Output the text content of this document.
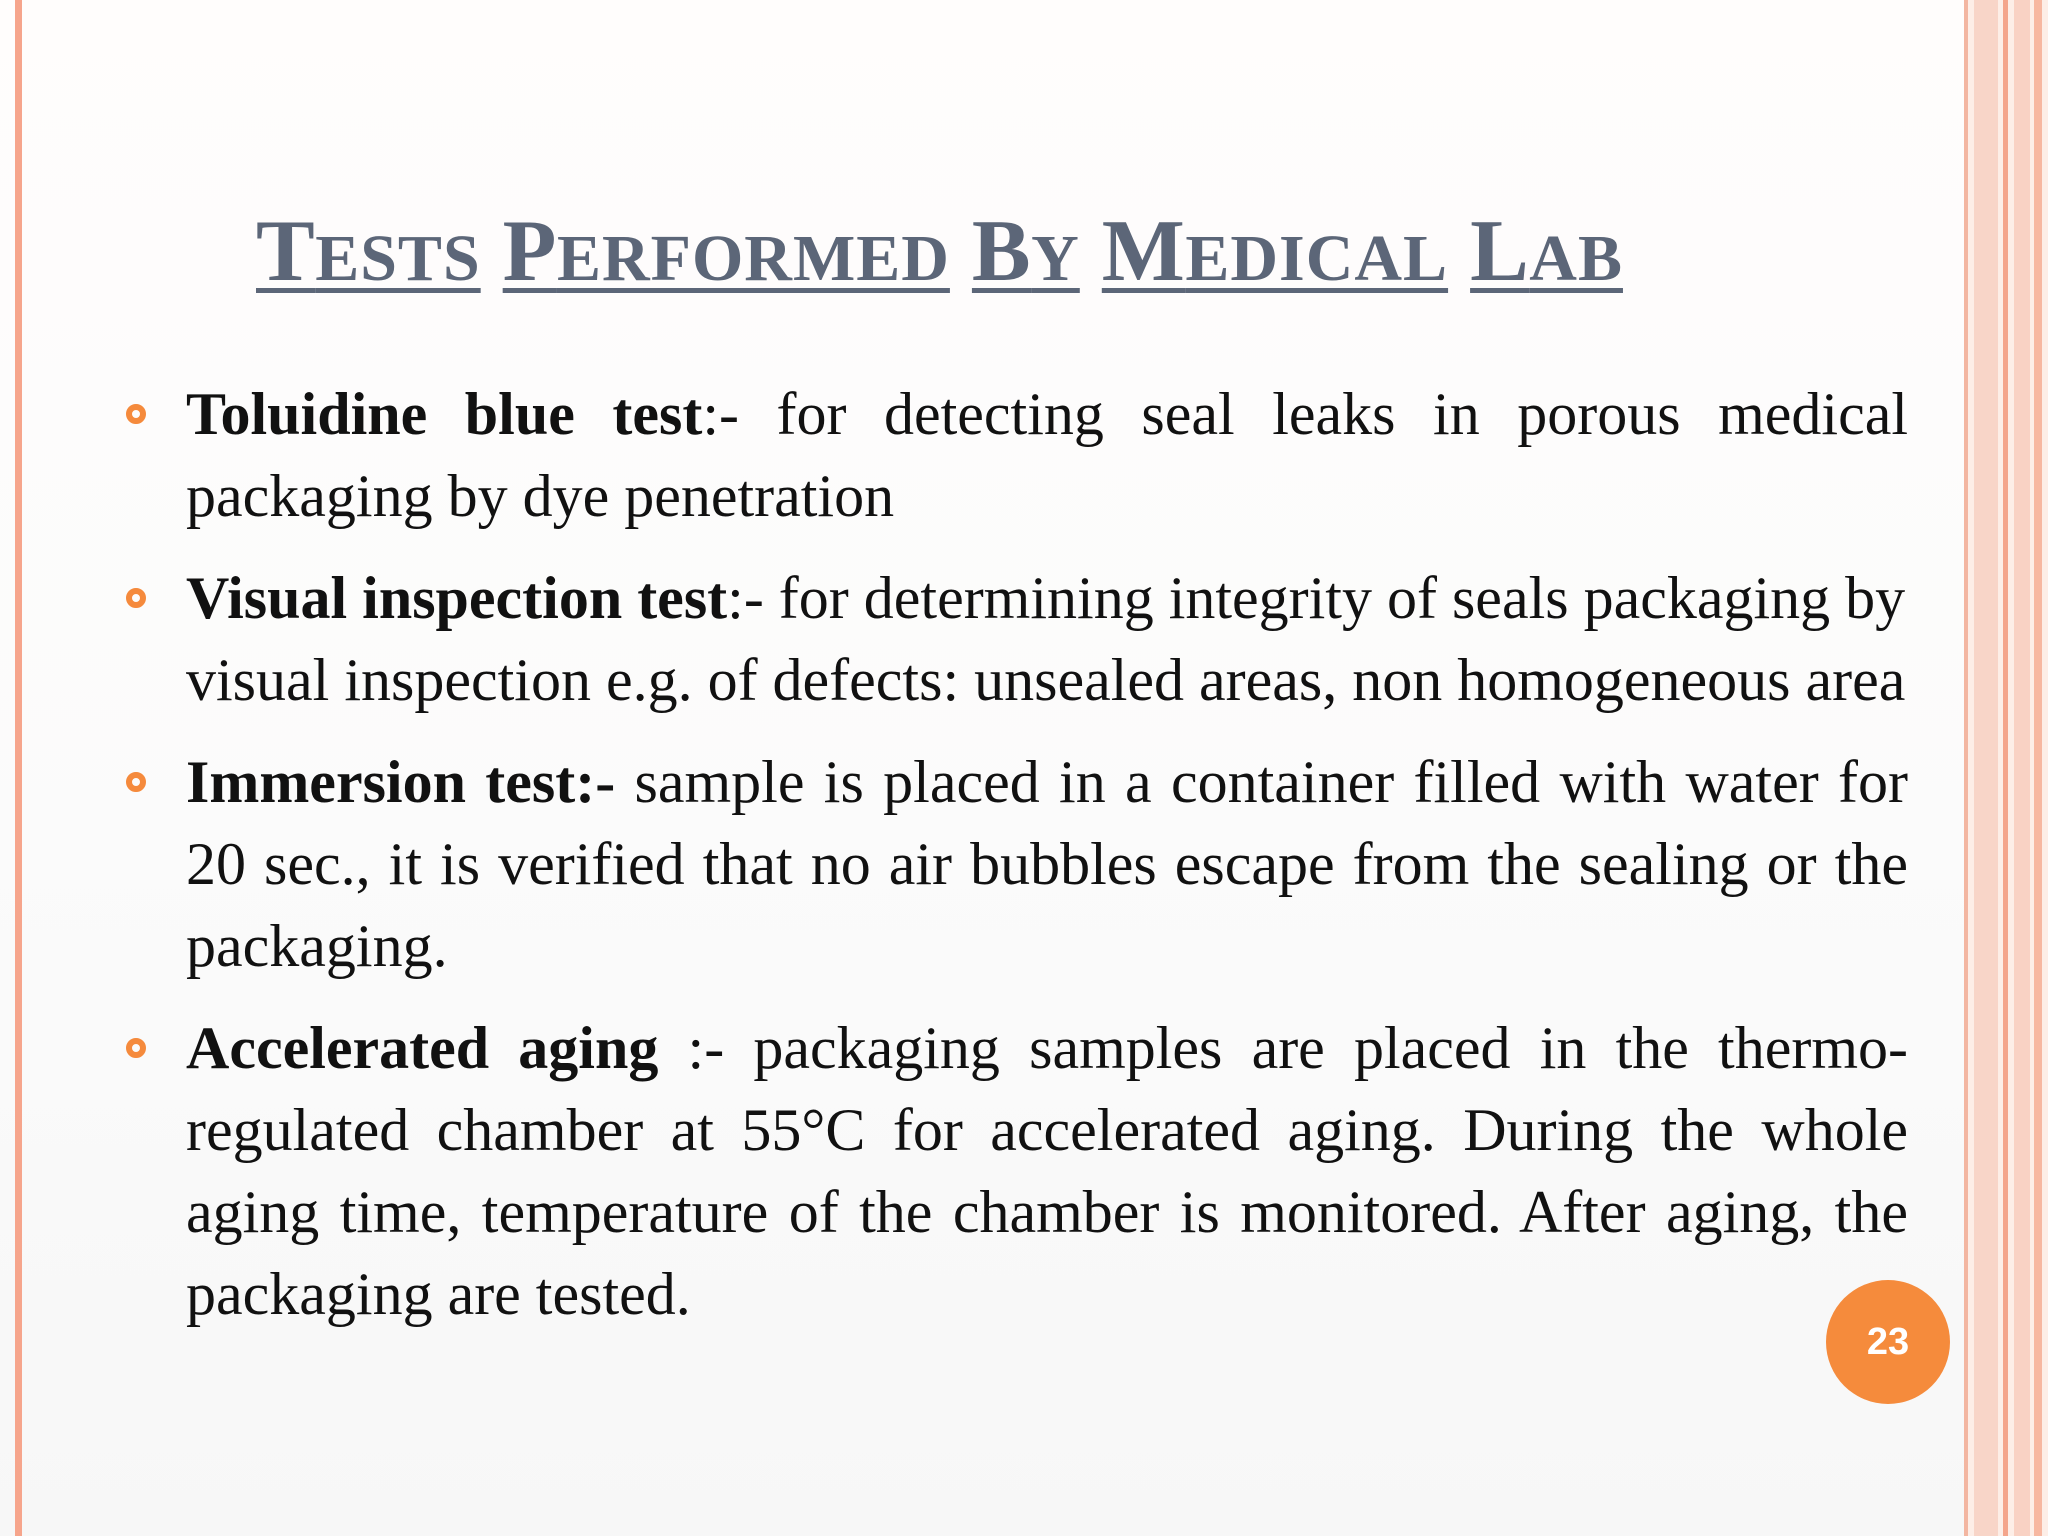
TESTS PERFORMED BY MEDICAL LAB

Toluidine blue test:- for detecting seal leaks in porous medical packaging by dye penetration

Visual inspection test:- for determining integrity of seals packaging by visual inspection e.g. of defects: unsealed areas, non homogeneous area

Immersion test:- sample is placed in a container filled with water for 20 sec., it is verified that no air bubbles escape from the sealing or the packaging.

Accelerated aging :- packaging samples are placed in the thermo-regulated chamber at 55°C for accelerated aging. During the whole aging time, temperature of the chamber is monitored. After aging, the packaging are tested.

23
